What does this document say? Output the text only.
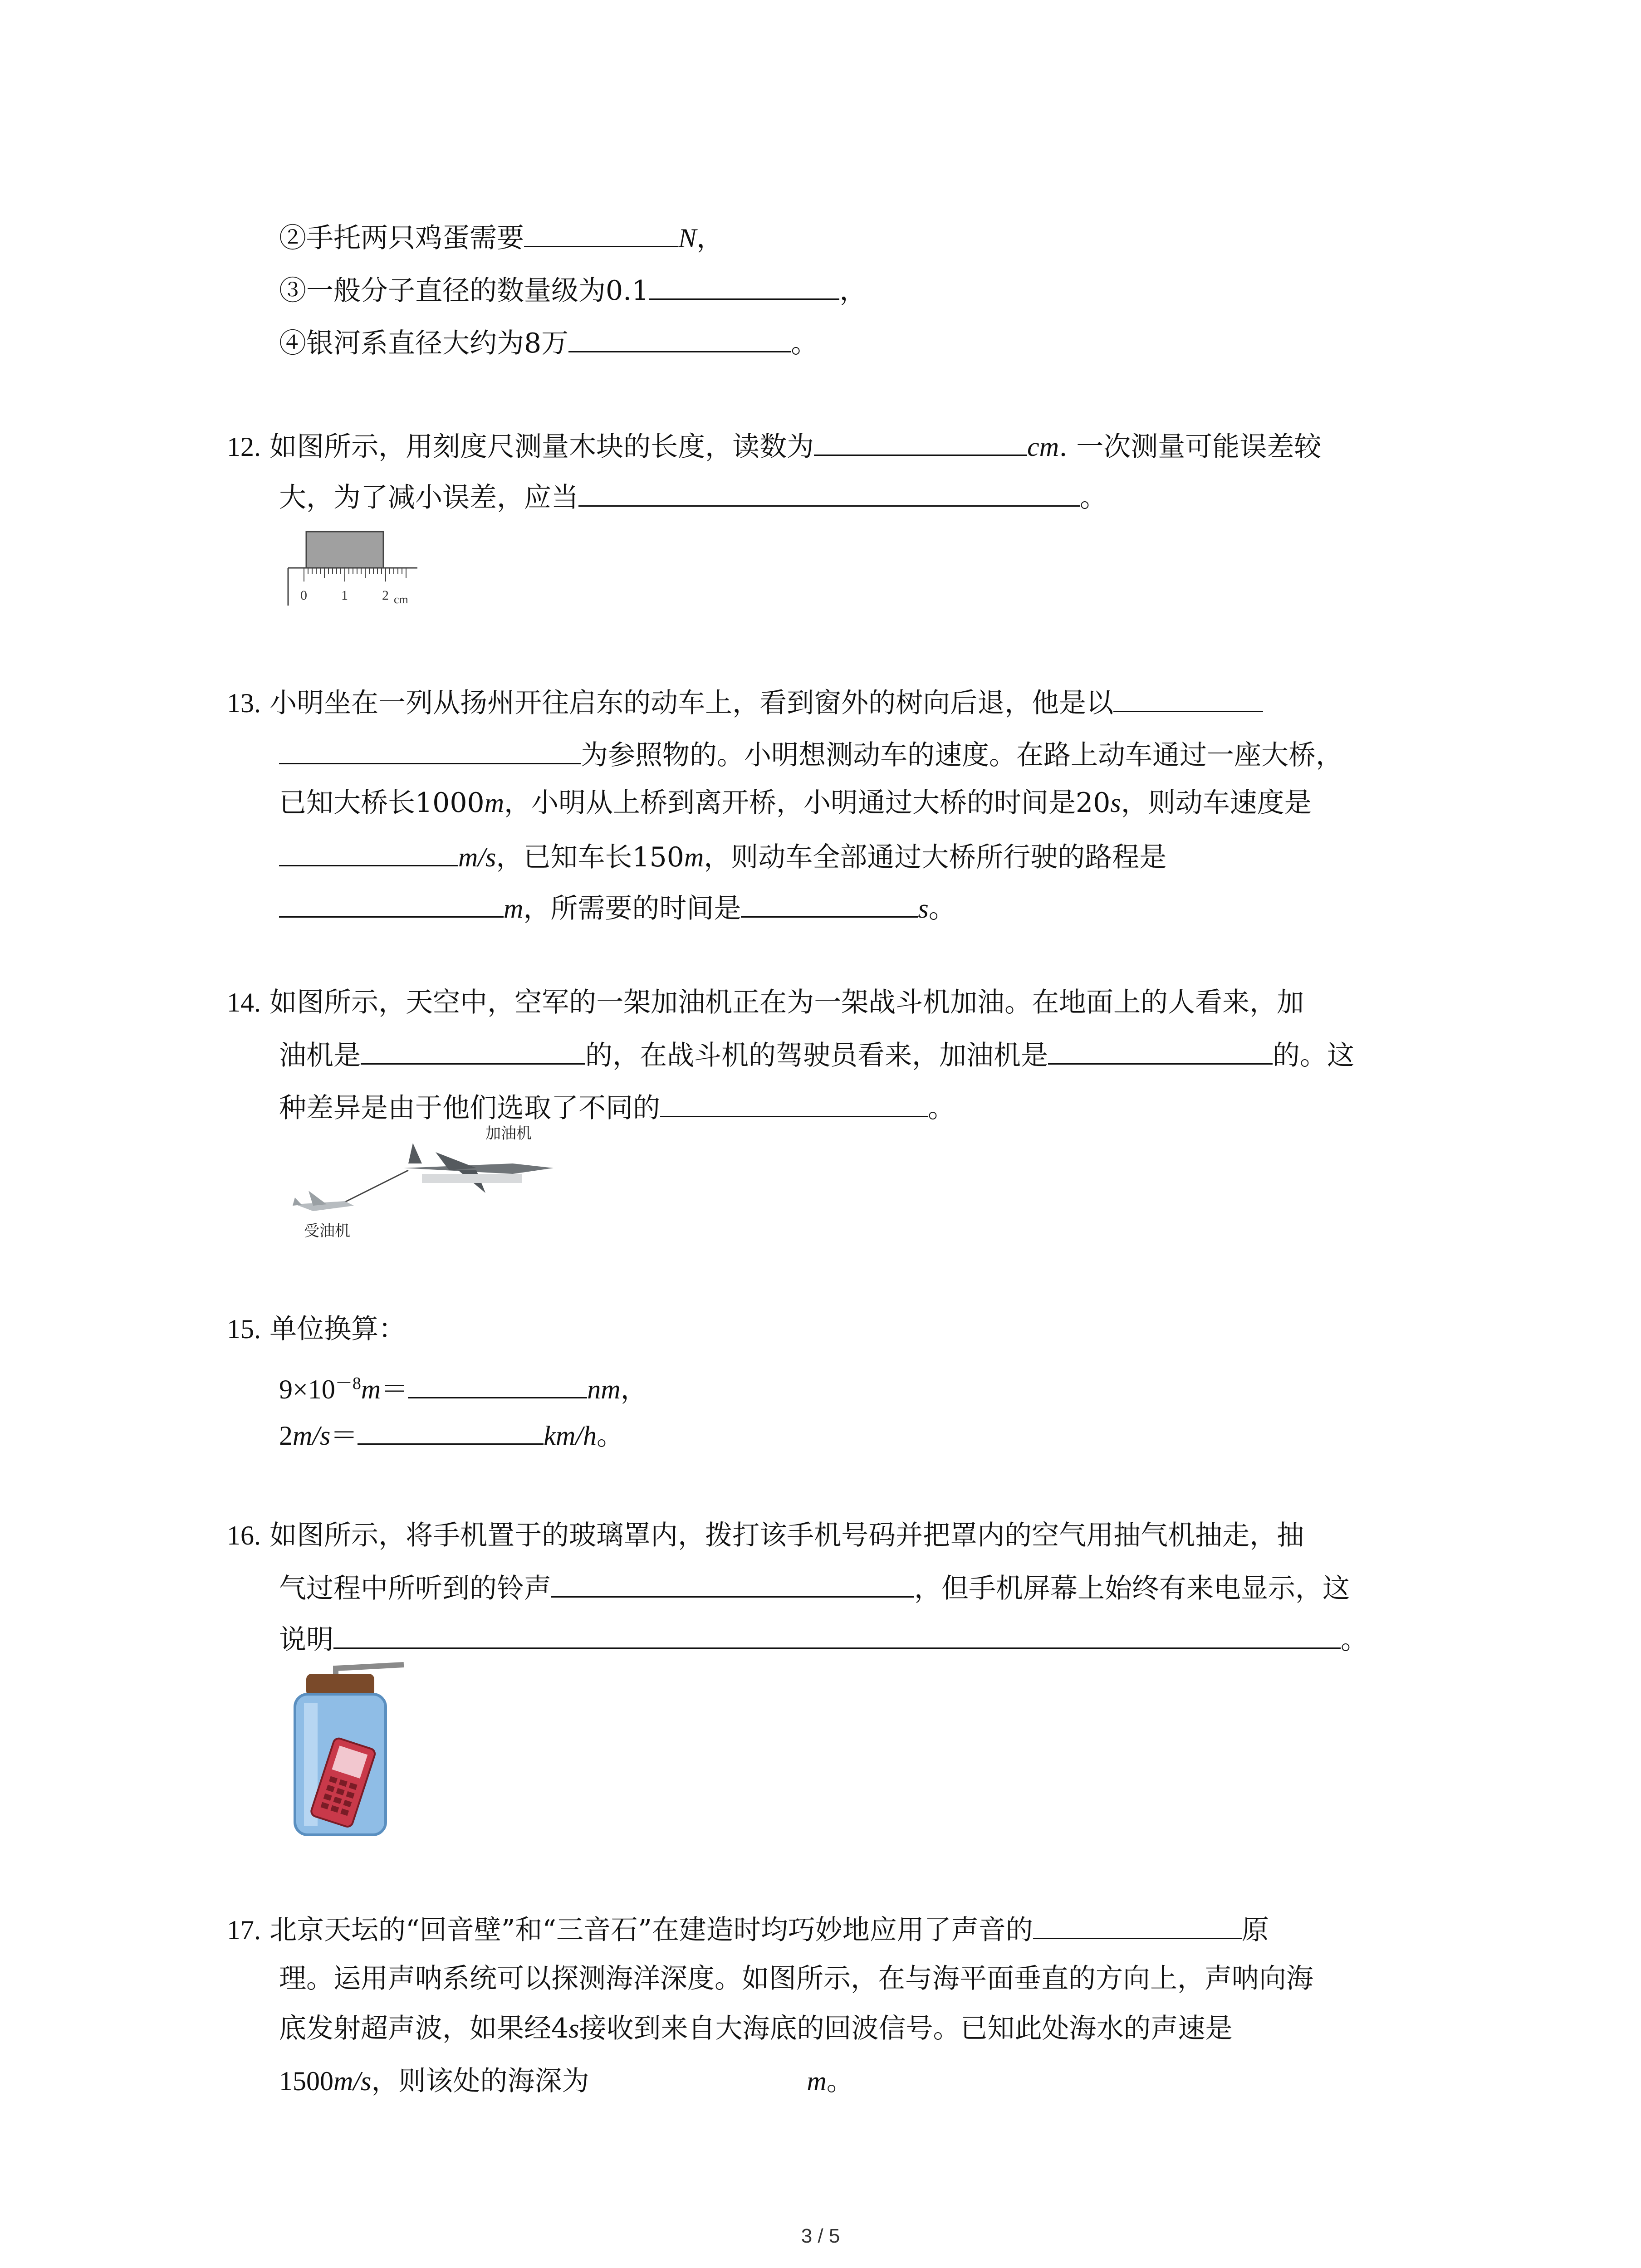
②手托两只鸡蛋需要	N，
③一般分子直径的数量级为0.1	，
④银河系直径大约为8万	。
12. 如图所示，用刻度尺测量木块的长度，读数为	cm. 一次测量可能误差较
大，为了减小误差，应当	。
0	1	2 cm
13. 小明坐在一列从扬州开往启东的动车上，看到窗外的树向后退，他是以
为参照物的。小明想测动车的速度。在路上动车通过一座大桥，
已知大桥长1000m，小明从上桥到离开桥，小明通过大桥的时间是20s，则动车速度是
m/s，已知车长150m，则动车全部通过大桥所行驶的路程是
m，所需要的时间是	s。
14. 如图所示，天空中，空军的一架加油机正在为一架战斗机加油。在地面上的人看来，加
油机是	的，在战斗机的驾驶员看来，加油机是	的。这
种差异是由于他们选取了不同的	。
加油机
受油机
15. 单位换算：
$9\times 10^{-8}m=$	nm，
2m/s＝	km/h。
16. 如图所示，将手机置于的玻璃罩内，拨打该手机号码并把罩内的空气用抽气机抽走，抽
气过程中所听到的铃声	，但手机屏幕上始终有来电显示，这
说明	。
17. 北京天坛的“回音壁”和“三音石”在建造时均巧妙地应用了声音的	原
理。运用声呐系统可以探测海洋深度。如图所示，在与海平面垂直的方向上，声呐向海
底发射超声波，如果经4s接收到来自大海底的回波信号。已知此处海水的声速是
1500m/s，则该处的海深为	m。
3 / 5
